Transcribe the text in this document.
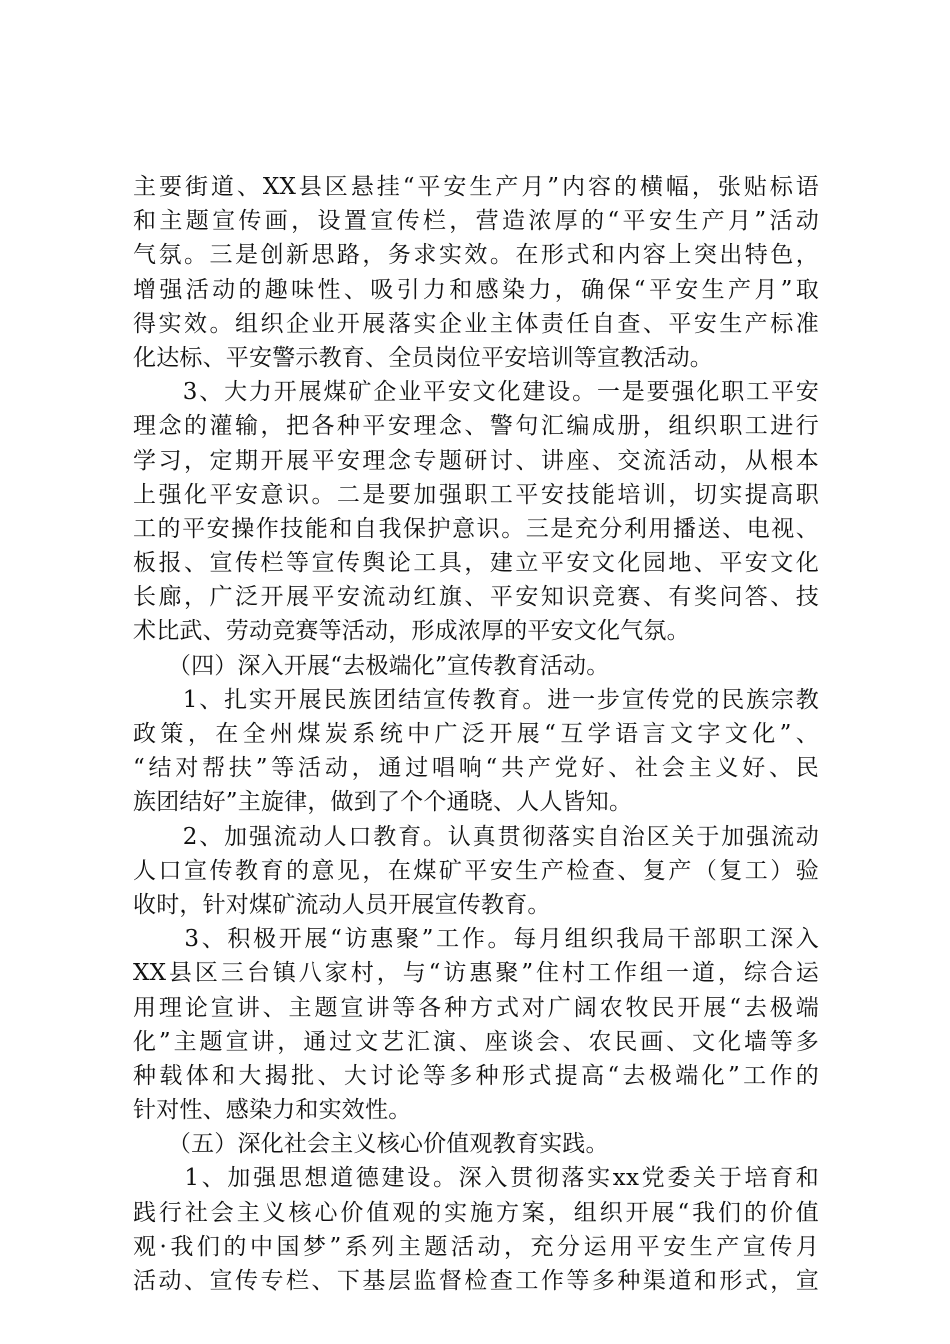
主要街道、XX县区悬挂“平安生产月”内容的横幅，张贴标语
和主题宣传画，设置宣传栏，营造浓厚的“平安生产月”活动
气氛。三是创新思路，务求实效。在形式和内容上突出特色，
增强活动的趣味性、吸引力和感染力，确保“平安生产月”取
得实效。组织企业开展落实企业主体责任自查、平安生产标准
化达标、平安警示教育、全员岗位平安培训等宣教活动。
　　3、大力开展煤矿企业平安文化建设。一是要强化职工平安
理念的灌输，把各种平安理念、警句汇编成册，组织职工进行
学习，定期开展平安理念专题研讨、讲座、交流活动，从根本
上强化平安意识。二是要加强职工平安技能培训，切实提高职
工的平安操作技能和自我保护意识。三是充分利用播送、电视、
板报、宣传栏等宣传舆论工具，建立平安文化园地、平安文化
长廊，广泛开展平安流动红旗、平安知识竞赛、有奖问答、技
术比武、劳动竞赛等活动，形成浓厚的平安文化气氛。
　　（四）深入开展“去极端化”宣传教育活动。
　　1、扎实开展民族团结宣传教育。进一步宣传党的民族宗教
政策，在全州煤炭系统中广泛开展“互学语言文字文化”、
“结对帮扶”等活动，通过唱响“共产党好、社会主义好、民
族团结好”主旋律，做到了个个通晓、人人皆知。
　　2、加强流动人口教育。认真贯彻落实自治区关于加强流动
人口宣传教育的意见，在煤矿平安生产检查、复产（复工）验
收时，针对煤矿流动人员开展宣传教育。
　　3、积极开展“访惠聚”工作。每月组织我局干部职工深入
XX县区三台镇八家村，与“访惠聚”住村工作组一道，综合运
用理论宣讲、主题宣讲等各种方式对广阔农牧民开展“去极端
化”主题宣讲，通过文艺汇演、座谈会、农民画、文化墙等多
种载体和大揭批、大讨论等多种形式提高“去极端化”工作的
针对性、感染力和实效性。
　　（五）深化社会主义核心价值观教育实践。
　　1、加强思想道德建设。深入贯彻落实xx党委关于培育和
践行社会主义核心价值观的实施方案，组织开展“我们的价值
观·我们的中国梦”系列主题活动，充分运用平安生产宣传月
活动、宣传专栏、下基层监督检查工作等多种渠道和形式，宣
